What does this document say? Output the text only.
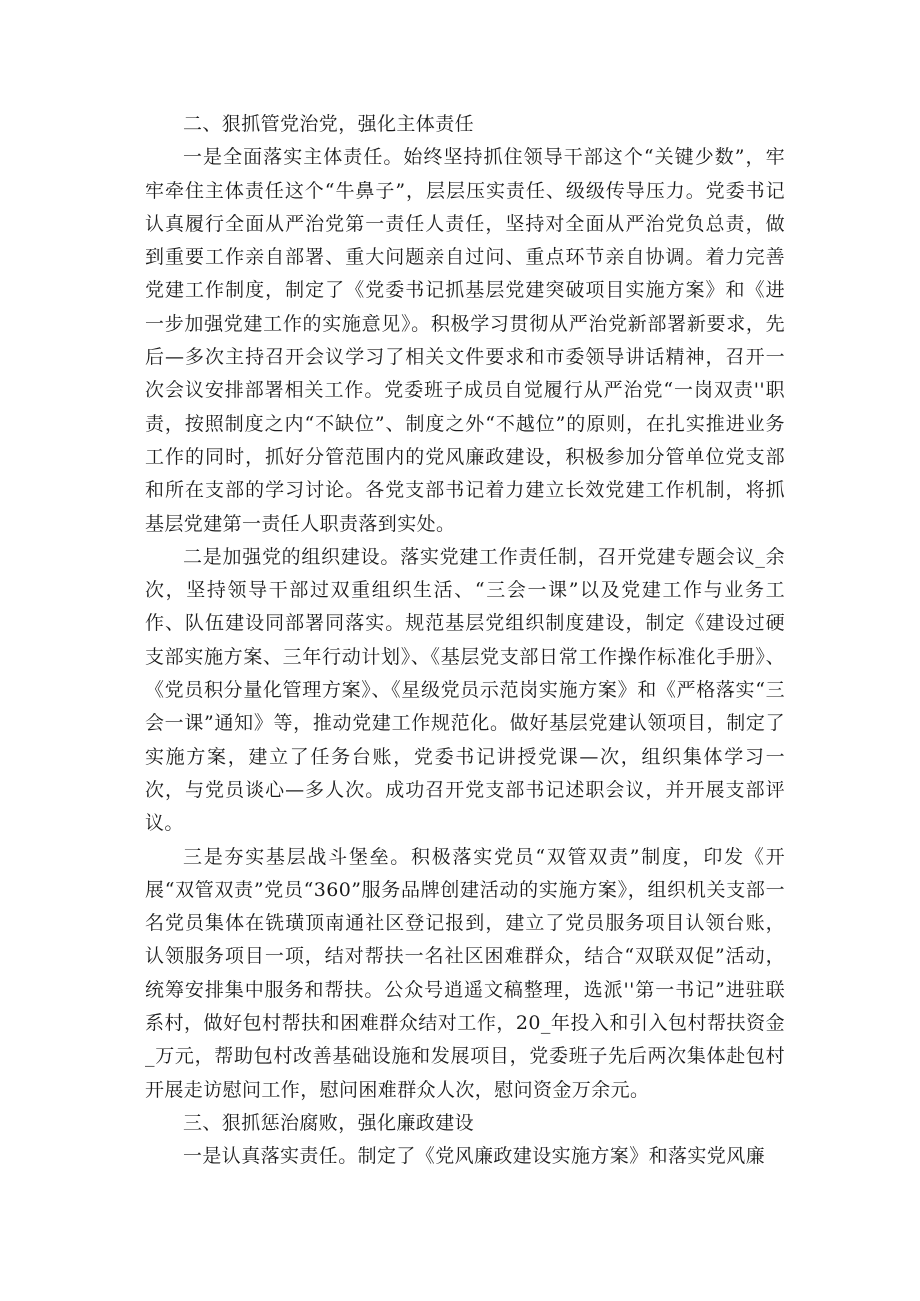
二、狠抓管党治党，强化主体责任

一是全面落实主体责任。始终坚持抓住领导干部这个“关键少数”，牢牢牵住主体责任这个“牛鼻子”，层层压实责任、级级传导压力。党委书记认真履行全面从严治党第一责任人责任，坚持对全面从严治党负总责，做到重要工作亲自部署、重大问题亲自过问、重点环节亲自协调。着力完善党建工作制度，制定了《党委书记抓基层党建突破项目实施方案》和《进一步加强党建工作的实施意见》。积极学习贯彻从严治党新部署新要求，先后—多次主持召开会议学习了相关文件要求和市委领导讲话精神，召开一次会议安排部署相关工作。党委班子成员自觉履行从严治党“一岗双责''职责，按照制度之内“不缺位”、制度之外“不越位”的原则，在扎实推进业务工作的同时，抓好分管范围内的党风廉政建设，积极参加分管单位党支部和所在支部的学习讨论。各党支部书记着力建立长效党建工作机制，将抓基层党建第一责任人职责落到实处。

二是加强党的组织建设。落实党建工作责任制，召开党建专题会议_余次，坚持领导干部过双重组织生活、“三会一课”以及党建工作与业务工作、队伍建设同部署同落实。规范基层党组织制度建设，制定《建设过硬支部实施方案、三年行动计划》、《基层党支部日常工作操作标准化手册》、《党员积分量化管理方案》、《星级党员示范岗实施方案》和《严格落实“三会一课”通知》等，推动党建工作规范化。做好基层党建认领项目，制定了实施方案，建立了任务台账，党委书记讲授党课—次，组织集体学习一次，与党员谈心—多人次。成功召开党支部书记述职会议，并开展支部评议。

三是夯实基层战斗堡垒。积极落实党员“双管双责”制度，印发《开展“双管双责”党员“360”服务品牌创建活动的实施方案》，组织机关支部一名党员集体在铣璜顶南通社区登记报到，建立了党员服务项目认领台账，认领服务项目一项，结对帮扶一名社区困难群众，结合“双联双促”活动，统筹安排集中服务和帮扶。公众号逍遥文稿整理，选派''第一书记”进驻联系村，做好包村帮扶和困难群众结对工作，20_年投入和引入包村帮扶资金_万元，帮助包村改善基础设施和发展项目，党委班子先后两次集体赴包村开展走访慰问工作，慰问困难群众人次，慰问资金万余元。

三、狠抓惩治腐败，强化廉政建设

一是认真落实责任。制定了《党风廉政建设实施方案》和落实党风廉
